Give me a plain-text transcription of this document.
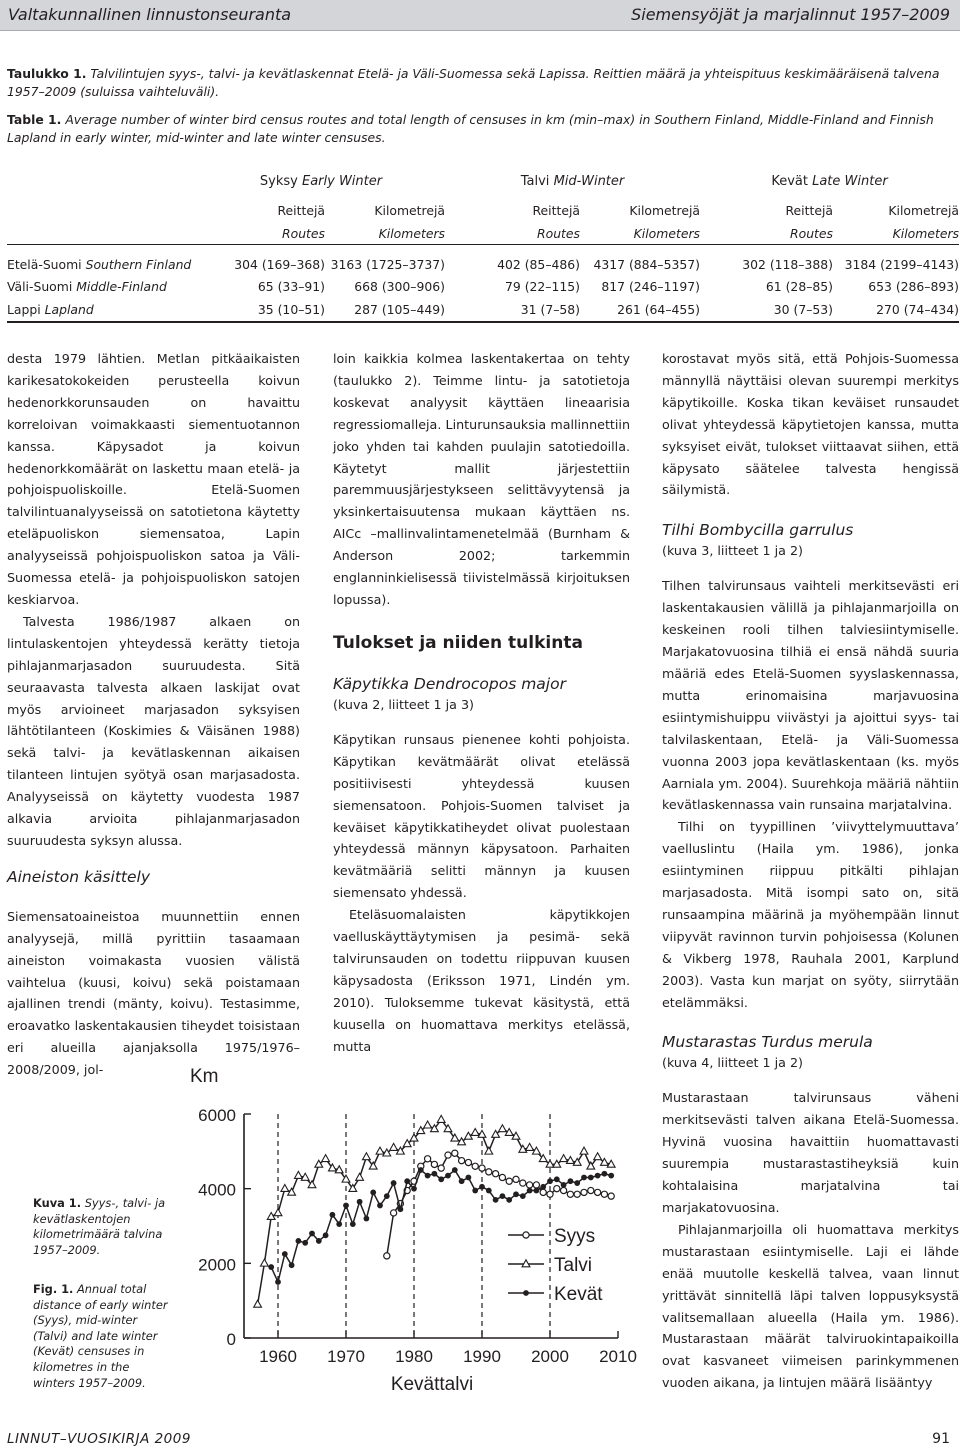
Valtakunnallinen linnustonseuranta	Siemensyöjät ja marjalinnut 1957–2009
Taulukko 1. Talvilintujen syys-, talvi- ja kevätlaskennat Etelä- ja Väli-Suomessa sekä Lapissa. Reittien määrä ja yhteispituus keskimääräisenä talvena 1957–2009 (suluissa vaihteluväli).
Table 1. Average number of winter bird census routes and total length of censuses in km (min–max) in Southern Finland, Middle-Finland and Finnish Lapland in early winter, mid-winter and late winter censuses.
	Syksy Early Winter		Talvi Mid-Winter		Kevät Late Winter	
	Reittejä	Kilometrejä	Reittejä	Kilometrejä	Reittejä	Kilometrejä
	Routes	Kilometers	Routes	Kilometers	Routes	Kilometers
Etelä-Suomi Southern Finland	304 (169–368)	3163 (1725–3737)	402 (85–486)	4317 (884–5357)	302 (118–388)	3184 (2199–4143)
Väli-Suomi Middle-Finland	65 (33–91)	668 (300–906)	79 (22–115)	817 (246–1197)	61 (28–85)	653 (286–893)
Lappi Lapland	35 (10–51)	287 (105–449)	31 (7–58)	261 (64–455)	30 (7–53)	270 (74–434)

desta 1979 lähtien. Metlan pitkäaikaisten karikesatokokeiden perusteella koivun hedenorkkorunsauden on havaittu korreloivan voimakkaasti siementuotannon kanssa. Käpysadot ja koivun hedenorkkomäärät on laskettu maan etelä- ja pohjoispuoliskoille. Etelä-Suomen talvilintuanalyyseissä on satotietona käytetty eteläpuoliskon siemensatoa, Lapin analyyseissä pohjoispuoliskon satoa ja Väli-Suomessa etelä- ja pohjoispuoliskon satojen keskiarvoa.

Talvesta 1986/1987 alkaen on lintulaskentojen yhteydessä kerätty tietoja pihlajanmarjasadon suuruudesta. Sitä seuraavasta talvesta alkaen laskijat ovat myös arvioineet marjasadon syksyisen lähtötilanteen (Koskimies & Väisänen 1988) sekä talvi- ja kevätlaskennan aikaisen tilanteen lintujen syötyä osan marjasadosta. Analyyseissä on käytetty vuodesta 1987 alkavia arvioita pihlajanmarjasadon suuruudesta syksyn alussa.

Aineiston käsittely

Siemensatoaineistoa muunnettiin ennen analyysejä, millä pyrittiin tasaamaan aineiston voimakasta vuosien välistä vaihtelua (kuusi, koivu) sekä poistamaan ajallinen trendi (mänty, koivu). Testasimme, eroavatko laskentakausien tiheydet toisistaan eri alueilla ajanjaksolla 1975/1976–2008/2009, jol-

loin kaikkia kolmea laskentakertaa on tehty (taulukko 2). Teimme lintu- ja satotietoja koskevat analyysit käyttäen lineaarisia regressiomalleja. Linturunsauksia mallinnettiin joko yhden tai kahden puulajin satotiedoilla. Käytetyt mallit järjestettiin paremmuusjärjestykseen selittävyytensä ja yksinkertaisuutensa mukaan käyttäen ns. AICc –mallinvalintamenetelmää (Burnham & Anderson 2002; tarkemmin englanninkielisessä tiivistelmässä kirjoituksen lopussa).

Tulokset ja niiden tulkinta
Käpytikka Dendrocopos major
(kuva 2, liitteet 1 ja 3)

Käpytikan runsaus pienenee kohti pohjoista. Käpytikan kevätmäärät olivat etelässä positiivisesti yhteydessä kuusen siemensatoon. Pohjois-Suomen talviset ja keväiset käpytikkatiheydet olivat puolestaan yhteydessä männyn käpysatoon. Parhaiten kevätmääriä selitti männyn ja kuusen siemensato yhdessä.

Eteläsuomalaisten käpytikkojen vaelluskäyttäytymisen ja pesimä- sekä talvirunsauden on todettu riippuvan kuusen käpysadosta (Eriksson 1971, Lindén ym. 2010). Tuloksemme tukevat käsitystä, että kuusella on huomattava merkitys etelässä, mutta

korostavat myös sitä, että Pohjois-Suomessa männyllä näyttäisi olevan suurempi merkitys käpytikoille. Koska tikan keväiset runsaudet olivat yhteydessä käpytietojen kanssa, mutta syksyiset eivät, tulokset viittaavat siihen, että käpysato säätelee talvesta hengissä säilymistä.

Tilhi Bombycilla garrulus
(kuva 3, liitteet 1 ja 2)

Tilhen talvirunsaus vaihteli merkitsevästi eri laskentakausien välillä ja pihlajanmarjoilla on keskeinen rooli tilhen talviesiintymiselle. Marjakatovuosina tilhiä ei ensä nähdä suuria määriä edes Etelä-Suomen syyslaskennassa, mutta erinomaisina marjavuosina esiintymishuippu viivästyi ja ajoittui syys- tai talvilaskentaan, Etelä- ja Väli-Suomessa vuonna 2003 jopa kevätlaskentaan (ks. myös Aarniala ym. 2004). Suurehkoja määriä nähtiin kevätlaskennassa vain runsaina marjatalvina.

Tilhi on tyypillinen ’viivyttelymuuttava’ vaelluslintu (Haila ym. 1986), jonka esiintyminen riippuu pitkälti pihlajan marjasadosta. Mitä isompi sato on, sitä runsaampina määrinä ja myöhempään linnut viipyvät ravinnon turvin pohjoisessa (Kolunen & Vikberg 1978, Rauhala 2001, Karplund 2003). Vasta kun marjat on syöty, siirrytään etelämmäksi.

Mustarastas Turdus merula
(kuva 4, liitteet 1 ja 2)

Mustarastaan talvirunsaus väheni merkitsevästi talven aikana Etelä-Suomessa. Hyvinä vuosina havaittiin huomattavasti suurempia mustarastastiheyksiä kuin kohtalaisina marjatalvina tai marjakatovuosina.

Pihlajanmarjoilla oli huomattava merkitys mustarastaan esiintymiselle. Laji ei lähde enää muutolle keskellä talvea, vaan linnut yrittävät sinnitellä läpi talven loppusyksystä valitsemallaan alueella (Haila ym. 1986). Mustarastaan määrät talviruokintapaikoilla ovat kasvaneet viimeisen parinkymmenen vuoden aikana, ja lintujen määrä lisääntyy

Kuva 1. Syys-, talvi- ja kevätlaskentojen kilometrimäärä talvina 1957–2009.
Fig. 1. Annual total distance of early winter (Syys), mid-winter (Talvi) and late winter (Kevät) censuses in kilometres in the winters 1957–2009.
Km
Kevättalvi
0
2000
4000
6000
1960 1970 1980 1990 2000 2010
Syys
Talvi
Kevät
LINNUT–VUOSIKIRJA 2009	91
